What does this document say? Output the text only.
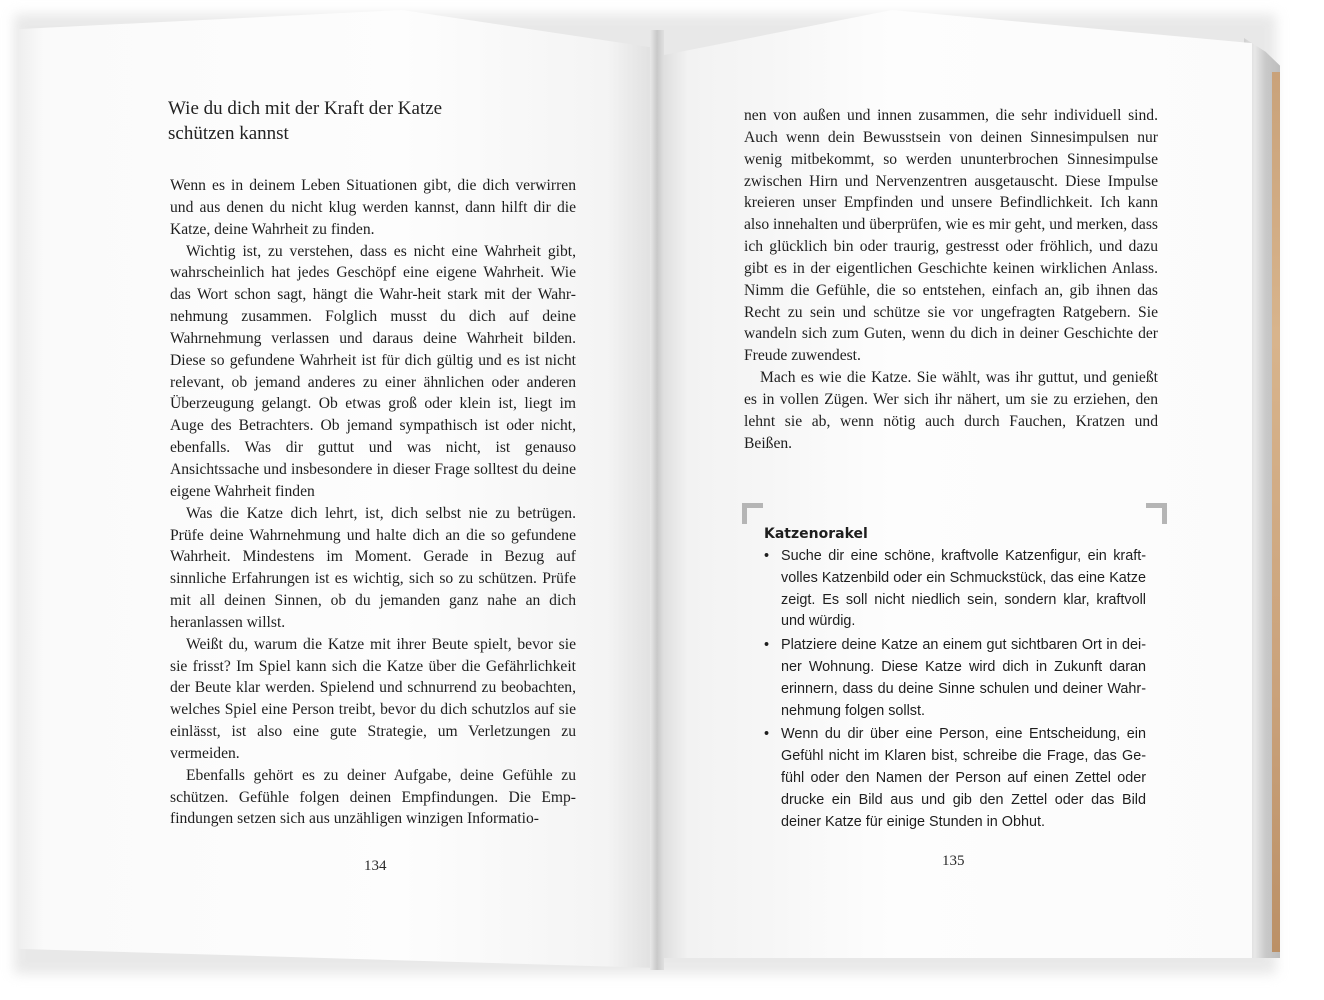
Wie du dich mit der Kraft der Katze
schützen kannst

Wenn es in deinem Leben Situationen gibt, die dich verwirren und aus denen du nicht klug werden kannst, dann hilft dir die Katze, deine Wahrheit zu finden.

Wichtig ist, zu verstehen, dass es nicht eine Wahrheit gibt, wahrscheinlich hat jedes Geschöpf eine eigene Wahrheit. Wie das Wort schon sagt, hängt die Wahr-heit stark mit der Wahr-nehmung zusammen. Folglich musst du dich auf deine Wahrnehmung verlassen und daraus deine Wahrheit bilden. Diese so gefundene Wahrheit ist für dich gültig und es ist nicht relevant, ob jemand anderes zu einer ähnlichen oder anderen Überzeugung gelangt. Ob etwas groß oder klein ist, liegt im Auge des Betrachters. Ob jemand sympathisch ist oder nicht, ebenfalls. Was dir guttut und was nicht, ist genauso Ansichtssache und insbesondere in dieser Frage solltest du deine eigene Wahrheit finden

Was die Katze dich lehrt, ist, dich selbst nie zu betrügen. Prüfe deine Wahrnehmung und halte dich an die so gefundene Wahrheit. Mindestens im Moment. Gerade in Bezug auf sinnliche Erfahrungen ist es wichtig, sich so zu schützen. Prüfe mit all deinen Sinnen, ob du jemanden ganz nahe an dich heranlassen willst.

Weißt du, warum die Katze mit ihrer Beute spielt, bevor sie sie frisst? Im Spiel kann sich die Katze über die Gefährlichkeit der Beute klar werden. Spielend und schnurrend zu beobachten, welches Spiel eine Person treibt, bevor du dich schutzlos auf sie einlässt, ist also eine gute Strategie, um Verletzungen zu vermeiden.

Ebenfalls gehört es zu deiner Aufgabe, deine Gefühle zu schützen. Gefühle folgen deinen Empfindungen. Die Empfindungen setzen sich aus unzähligen winzigen Informatio-

134

nen von außen und innen zusammen, die sehr individuell sind. Auch wenn dein Bewusstsein von deinen Sinnesimpulsen nur wenig mitbekommt, so werden ununterbrochen Sinnesimpulse zwischen Hirn und Nervenzentren ausgetauscht. Diese Impulse kreieren unser Empfinden und unsere Befindlichkeit. Ich kann also innehalten und überprüfen, wie es mir geht, und merken, dass ich glücklich bin oder traurig, gestresst oder fröhlich, und dazu gibt es in der eigentlichen Geschichte keinen wirklichen Anlass. Nimm die Gefühle, die so entstehen, einfach an, gib ihnen das Recht zu sein und schütze sie vor ungefragten Ratgebern. Sie wandeln sich zum Guten, wenn du dich in deiner Geschichte der Freude zuwendest.

Mach es wie die Katze. Sie wählt, was ihr guttut, und genießt es in vollen Zügen. Wer sich ihr nähert, um sie zu erziehen, den lehnt sie ab, wenn nötig auch durch Fauchen, Kratzen und Beißen.

Katzenorakel
• Suche dir eine schöne, kraftvolle Katzenfigur, ein kraftvolles Katzenbild oder ein Schmuckstück, das eine Katze zeigt. Es soll nicht niedlich sein, sondern klar, kraftvoll und würdig.
• Platziere deine Katze an einem gut sichtbaren Ort in deiner Wohnung. Diese Katze wird dich in Zukunft daran erinnern, dass du deine Sinne schulen und deiner Wahrnehmung folgen sollst.
• Wenn du dir über eine Person, eine Entscheidung, ein Gefühl nicht im Klaren bist, schreibe die Frage, das Gefühl oder den Namen der Person auf einen Zettel oder drucke ein Bild aus und gib den Zettel oder das Bild deiner Katze für einige Stunden in Obhut.
135
